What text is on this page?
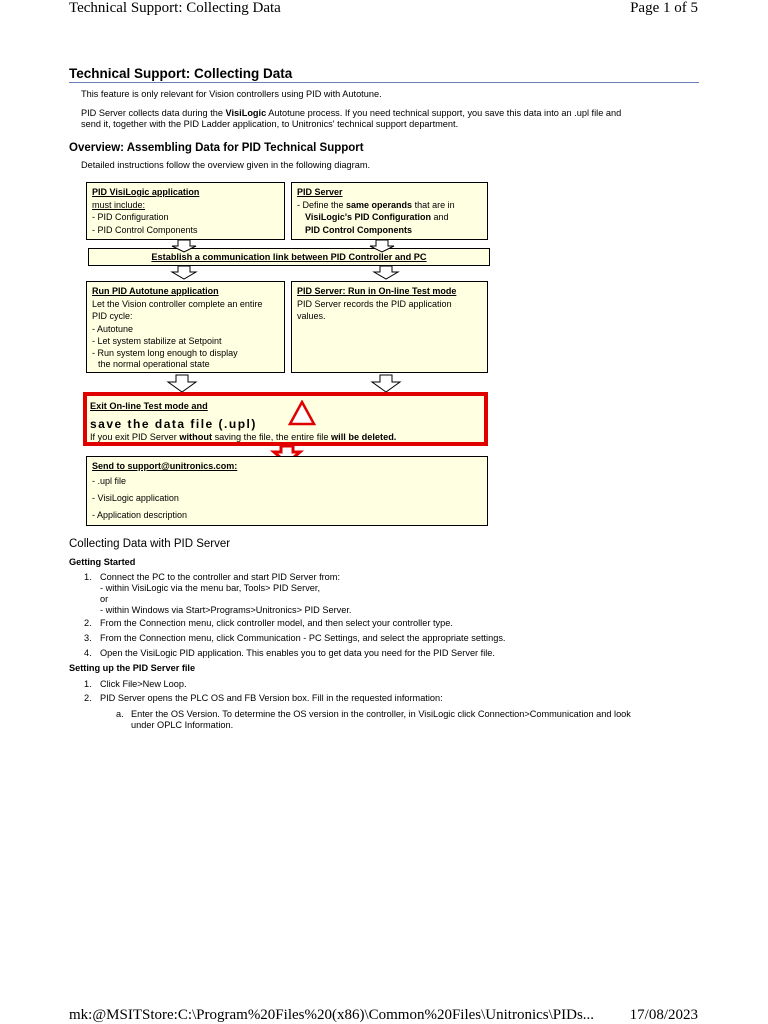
Technical Support: Collecting Data	Page 1 of 5
Technical Support: Collecting Data
This feature is only relevant for Vision controllers using PID with Autotune.
PID Server collects data during the VisiLogic Autotune process. If you need technical support, you save this data into an .upl file and
send it, together with the PID Ladder application, to Unitronics' technical support department.
Overview: Assembling Data for PID Technical Support
Detailed instructions follow the overview given in the following diagram.
PID VisiLogic application
must include:
- PID Configuration
- PID Control Components
PID Server
- Define the same operands that are in
VisiLogic's PID Configuration and
PID Control Components
Establish a communication link between PID Controller and PC
Run PID Autotune application
Let the Vision controller complete an entire
PID cycle:
- Autotune
- Let system stabilize at Setpoint
- Run system long enough to display
the normal operational state
PID Server: Run in On-line Test mode
PID Server records the PID application
values.
Exit On-line Test mode and
save the data file (.upl)
If you exit PID Server without saving the file, the entire file will be deleted.
Send to support@unitronics.com:
- .upl file
- VisiLogic application
- Application description
Collecting Data with PID Server
Getting Started
1. Connect the PC to the controller and start PID Server from:
- within VisiLogic via the menu bar, Tools> PID Server,
or
- within Windows via Start>Programs>Unitronics> PID Server.
2. From the Connection menu, click controller model, and then select your controller type.
3. From the Connection menu, click Communication - PC Settings, and select the appropriate settings.
4. Open the VisiLogic PID application. This enables you to get data you need for the PID Server file.
Setting up the PID Server file
1. Click File>New Loop.
2. PID Server opens the PLC OS and FB Version box. Fill in the requested information:
a. Enter the OS Version. To determine the OS version in the controller, in VisiLogic click Connection>Communication and look
under OPLC Information.
mk:@MSITStore:C:\Program%20Files%20(x86)\Common%20Files\Unitronics\PIDs... 17/08/2023
